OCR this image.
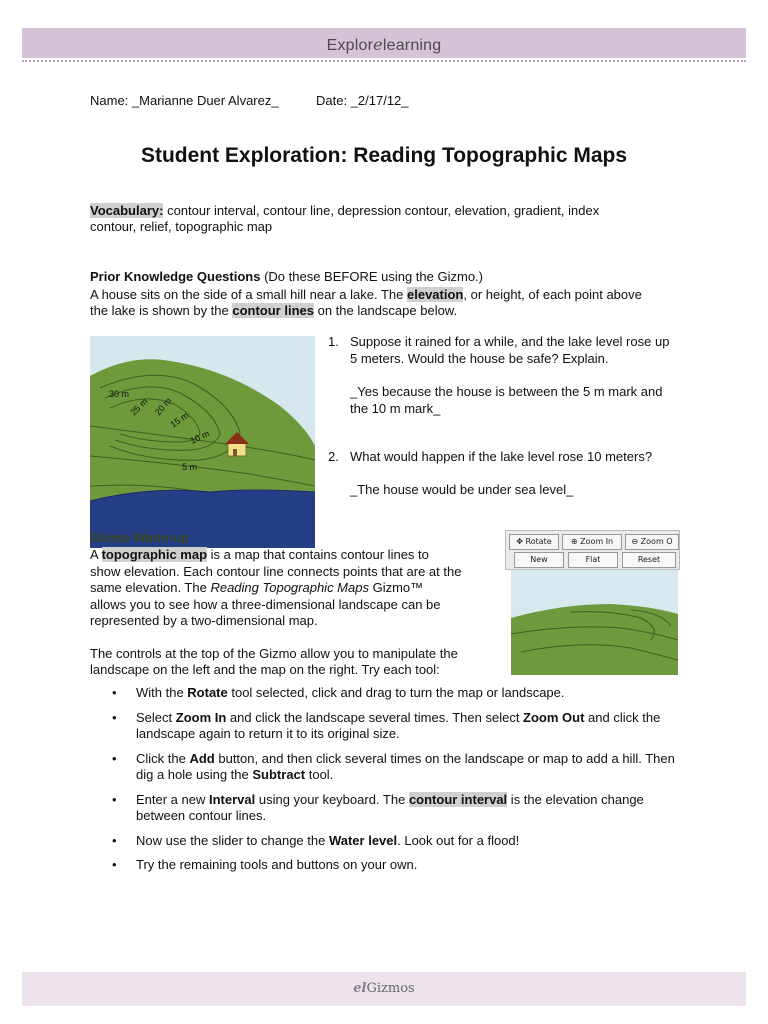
Explorelearning
Name: _Marianne Duer Alvarez_	Date: _2/17/12_
Student Exploration: Reading Topographic Maps
Vocabulary: contour interval, contour line, depression contour, elevation, gradient, index
contour, relief, topographic map
Prior Knowledge Questions (Do these BEFORE using the Gizmo.)
A house sits on the side of a small hill near a lake. The elevation, or height, of each point above
the lake is shown by the contour lines on the landscape below.
30 m
25 m 20 m
15 m
10 m
5 m
1. Suppose it rained for a while, and the lake level rose up 5 meters. Would the house be safe? Explain.
_Yes because the house is between the 5 m mark and the 10 m mark_
2. What would happen if the lake level rose 10 meters?
_The house would be under sea level_
Gizmo Warm-up
A topographic map is a map that contains contour lines to
show elevation. Each contour line connects points that are at the
same elevation. The Reading Topographic Maps Gizmo™
allows you to see how a three-dimensional landscape can be
represented by a two-dimensional map.
The controls at the top of the Gizmo allow you to manipulate the
landscape on the left and the map on the right. Try each tool:
✥ Rotate	⊕ Zoom In	⊖ Zoom O
New	Flat	Reset
• With the Rotate tool selected, click and drag to turn the map or landscape.
• Select Zoom In and click the landscape several times. Then select Zoom Out and click the landscape again to return it to its original size.
• Click the Add button, and then click several times on the landscape or map to add a hill. Then dig a hole using the Subtract tool.
• Enter a new Interval using your keyboard. The contour interval is the elevation change between contour lines.
• Now use the slider to change the Water level. Look out for a flood!
• Try the remaining tools and buttons on your own.
elGizmos
